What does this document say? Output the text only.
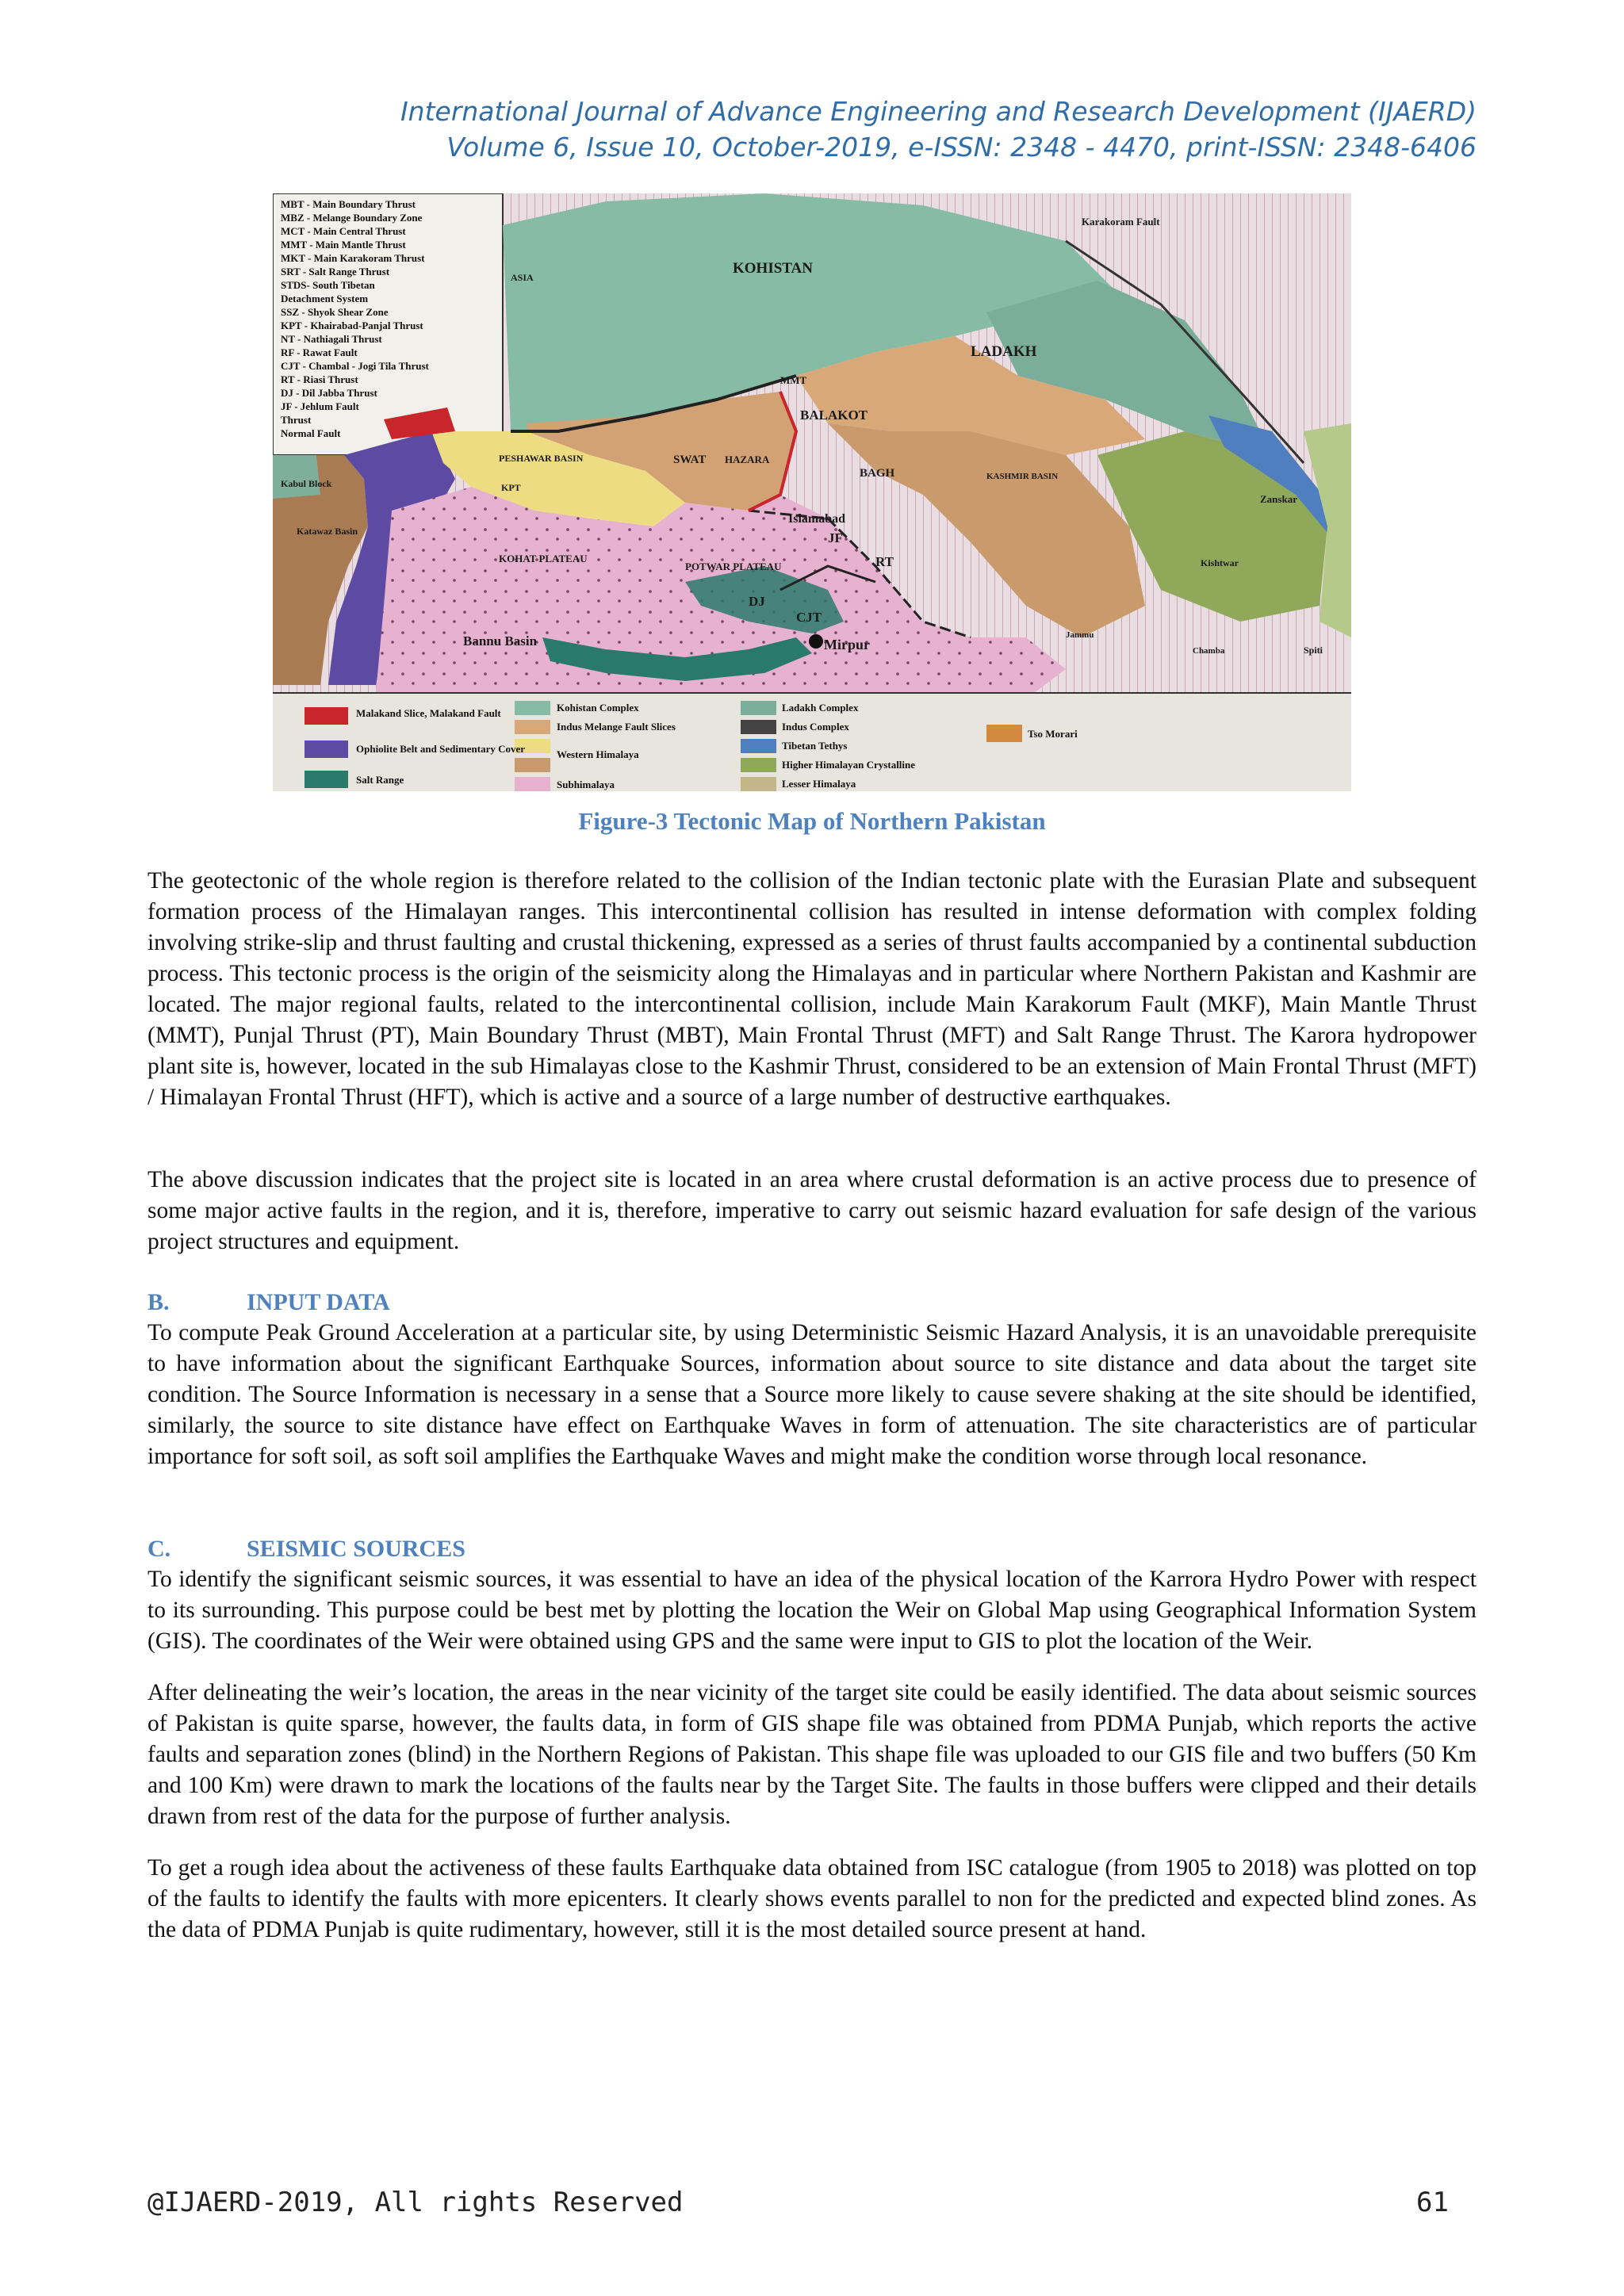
International Journal of Advance Engineering and Research Development (IJAERD)
Volume 6, Issue 10, October-2019, e-ISSN: 2348 - 4470, print-ISSN: 2348-6406
Malakand Slice, Malakand Fault
Ophiolite Belt and Sedimentary Cover
Salt Range
Kohistan Complex
Indus Melange Fault Slices
Western Himalaya
Subhimalaya
Ladakh Complex
Indus Complex
Tibetan Tethys
Higher Himalayan Crystalline
Lesser Himalaya
Tso Morari
KOHISTAN
LADAKH
SWAT HAZARA
BALAKOT
BAGH
PESHAWAR BASIN
KPT
Islamabad
KOHAT PLATEAU
POTWAR PLATEAU
Mirpur
Bannu Basin
Kabul Block
Katawaz Basin
KASHMIR BASIN
Karakoram Fault
ASIA
Kishtwar
Zanskar
Spiti
Chamba
Jammu
MMT
RT
CJT
DJ
JF
MBT - Main Boundary Thrust
MBZ - Melange Boundary Zone
MCT - Main Central Thrust
MMT - Main Mantle Thrust
MKT - Main Karakoram Thrust
SRT - Salt Range Thrust
STDS- South Tibetan
Detachment System
SSZ - Shyok Shear Zone
KPT - Khairabad-Panjal Thrust
NT - Nathiagali Thrust
RF - Rawat Fault
CJT - Chambal - Jogi Tila Thrust
RT - Riasi Thrust
DJ - Dil Jabba Thrust
JF - Jehlum Fault
Thrust
Normal Fault
Figure-3 Tectonic Map of Northern Pakistan
The geotectonic of the whole region is therefore related to the collision of the Indian tectonic plate with the Eurasian Plate and subsequent formation process of the Himalayan ranges. This intercontinental collision has resulted in intense deformation with complex folding involving strike-slip and thrust faulting and crustal thickening, expressed as a series of thrust faults accompanied by a continental subduction process. This tectonic process is the origin of the seismicity along the Himalayas and in particular where Northern Pakistan and Kashmir are located. The major regional faults, related to the intercontinental collision, include Main Karakorum Fault (MKF), Main Mantle Thrust (MMT), Punjal Thrust (PT), Main Boundary Thrust (MBT), Main Frontal Thrust (MFT) and Salt Range Thrust. The Karora hydropower plant site is, however, located in the sub Himalayas close to the Kashmir Thrust, considered to be an extension of Main Frontal Thrust (MFT) / Himalayan Frontal Thrust (HFT), which is active and a source of a large number of destructive earthquakes.
The above discussion indicates that the project site is located in an area where crustal deformation is an active process due to presence of some major active faults in the region, and it is, therefore, imperative to carry out seismic hazard evaluation for safe design of the various project structures and equipment.
B.	INPUT DATA
To compute Peak Ground Acceleration at a particular site, by using Deterministic Seismic Hazard Analysis, it is an unavoidable prerequisite to have information about the significant Earthquake Sources, information about source to site distance and data about the target site condition. The Source Information is necessary in a sense that a Source more likely to cause severe shaking at the site should be identified, similarly, the source to site distance have effect on Earthquake Waves in form of attenuation. The site characteristics are of particular importance for soft soil, as soft soil amplifies the Earthquake Waves and might make the condition worse through local resonance.
C.	SEISMIC SOURCES
To identify the significant seismic sources, it was essential to have an idea of the physical location of the Karrora Hydro Power with respect to its surrounding. This purpose could be best met by plotting the location the Weir on Global Map using Geographical Information System (GIS). The coordinates of the Weir were obtained using GPS and the same were input to GIS to plot the location of the Weir.
After delineating the weir’s location, the areas in the near vicinity of the target site could be easily identified. The data about seismic sources of Pakistan is quite sparse, however, the faults data, in form of GIS shape file was obtained from PDMA Punjab, which reports the active faults and separation zones (blind) in the Northern Regions of Pakistan. This shape file was uploaded to our GIS file and two buffers (50 Km and 100 Km) were drawn to mark the locations of the faults near by the Target Site. The faults in those buffers were clipped and their details drawn from rest of the data for the purpose of further analysis.
To get a rough idea about the activeness of these faults Earthquake data obtained from ISC catalogue (from 1905 to 2018) was plotted on top of the faults to identify the faults with more epicenters. It clearly shows events parallel to non for the predicted and expected blind zones. As the data of PDMA Punjab is quite rudimentary, however, still it is the most detailed source present at hand.
@IJAERD-2019, All rights Reserved	61
